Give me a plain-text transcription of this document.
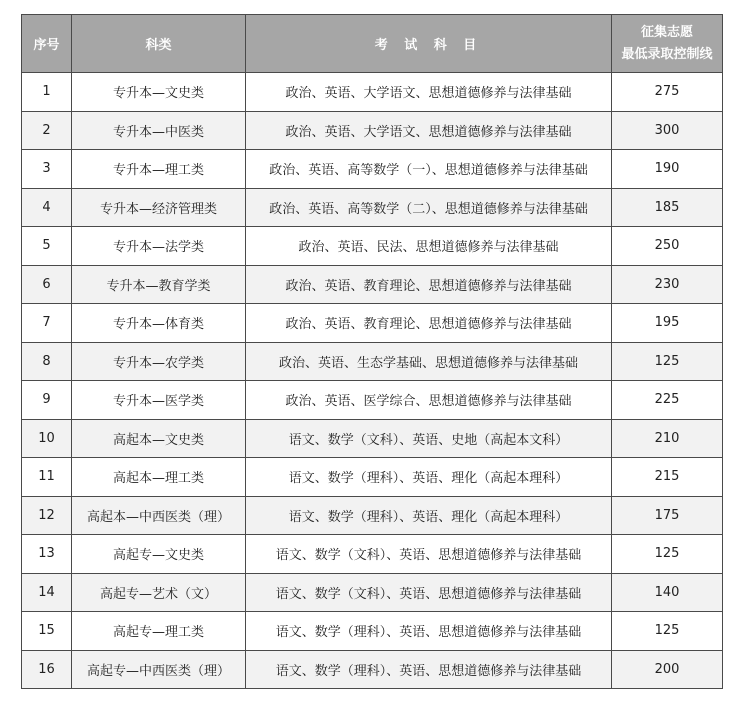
序号	科类	考 试 科 目	征集志愿
最低录取控制线

1	专升本—文史类	政治、英语、大学语文、思想道德修养与法律基础	275
2	专升本—中医类	政治、英语、大学语文、思想道德修养与法律基础	300
3	专升本—理工类	政治、英语、高等数学（一）、思想道德修养与法律基础	190
4	专升本—经济管理类	政治、英语、高等数学（二）、思想道德修养与法律基础	185
5	专升本—法学类	政治、英语、民法、思想道德修养与法律基础	250
6	专升本—教育学类	政治、英语、教育理论、思想道德修养与法律基础	230
7	专升本—体育类	政治、英语、教育理论、思想道德修养与法律基础	195
8	专升本—农学类	政治、英语、生态学基础、思想道德修养与法律基础	125
9	专升本—医学类	政治、英语、医学综合、思想道德修养与法律基础	225
10	高起本—文史类	语文、数学（文科）、英语、史地（高起本文科）	210
11	高起本—理工类	语文、数学（理科）、英语、理化（高起本理科）	215
12	高起本—中西医类（理）	语文、数学（理科）、英语、理化（高起本理科）	175
13	高起专—文史类	语文、数学（文科）、英语、思想道德修养与法律基础	125
14	高起专—艺术（文）	语文、数学（文科）、英语、思想道德修养与法律基础	140
15	高起专—理工类	语文、数学（理科）、英语、思想道德修养与法律基础	125
16	高起专—中西医类（理）	语文、数学（理科）、英语、思想道德修养与法律基础	200
